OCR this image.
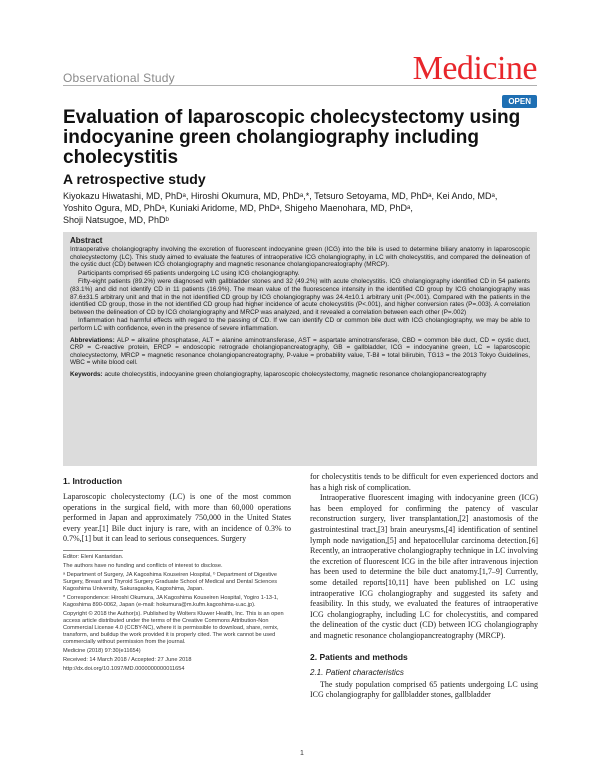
Observational Study	Medicine
OPEN
Evaluation of laparoscopic cholecystectomy using indocyanine green cholangiography including cholecystitis
A retrospective study
Kiyokazu Hiwatashi, MD, PhDᵃ, Hiroshi Okumura, MD, PhDᵃ,*, Tetsuro Setoyama, MD, PhDᵃ, Kei Ando, MDᵃ,
Yoshito Ogura, MD, PhDᵃ, Kuniaki Aridome, MD, PhDᵃ, Shigeho Maenohara, MD, PhDᵃ,
Shoji Natsugoe, MD, PhDᵇ
Abstract

Intraoperative cholangiography involving the excretion of fluorescent indocyanine green (ICG) into the bile is used to determine biliary anatomy in laparoscopic cholecystectomy (LC). This study aimed to evaluate the features of intraoperative ICG cholangiography, in LC with cholecystitis, and compared the delineation of the cystic duct (CD) between ICG cholangiography and magnetic resonance cholangiopancreatography (MRCP).

Participants comprised 65 patients undergoing LC using ICG cholangiography.

Fifty-eight patients (89.2%) were diagnosed with gallbladder stones and 32 (49.2%) with acute cholecystitis. ICG cholangiography identified CD in 54 patients (83.1%) and did not identify CD in 11 patients (16.9%). The mean value of the fluorescence intensity in the identified CD group by ICG cholangiography was 87.6±31.5 arbitrary unit and that in the not identified CD group by ICG cholangiography was 24.4±10.1 arbitrary unit (P<.001). Compared with the patients in the identified CD group, those in the not identified CD group had higher incidence of acute cholecystitis (P<.001), and higher conversion rates (P=.003). A correlation between the delineation of CD by ICG cholangiography and MRCP was analyzed, and it revealed a correlation between each other (P=.002)

Inflammation had harmful effects with regard to the passing of CD. If we can identify CD or common bile duct with ICG cholangiography, we may be able to perform LC with confidence, even in the presence of severe inflammation.

Abbreviations: ALP = alkaline phosphatase, ALT = alanine aminotransferase, AST = aspartate aminotransferase, CBD = common bile duct, CD = cystic duct, CRP = C-reactive protein, ERCP = endoscopic retrograde cholangiopancreatography, GB = gallbladder, ICG = indocyanine green, LC = laparoscopic cholecystectomy, MRCP = magnetic resonance cholangiopancreatography, P-value = probability value, T-Bil = total bilirubin, TG13 = the 2013 Tokyo Guidelines, WBC = white blood cell.

Keywords: acute cholecystitis, indocyanine green cholangiography, laparoscopic cholecystectomy, magnetic resonance cholangiopancreatography

1. Introduction

Laparoscopic cholecystectomy (LC) is one of the most common operations in the surgical field, with more than 60,000 operations performed in Japan and approximately 750,000 in the United States every year.[1] Bile duct injury is rare, with an incidence of 0.3% to 0.7%,[1] but it can lead to serious consequences. Surgery

Editor: Eleni Kantaridan.

The authors have no funding and conflicts of interest to disclose.

ᵃ Department of Surgery, JA Kagoshima Kouseiren Hospital, ᵇ Department of Digestive Surgery, Breast and Thyroid Surgery Graduate School of Medical and Dental Sciences Kagoshima University, Sakuragaoka, Kagoshima, Japan.

* Correspondence: Hiroshi Okumura, JA Kagoshima Kouseiren Hospital, Yogiro 1-13-1, Kagoshima 890-0062, Japan (e-mail: hokumura@m.kufm.kagoshima-u.ac.jp).

Copyright © 2018 the Author(s). Published by Wolters Kluwer Health, Inc. This is an open access article distributed under the terms of the Creative Commons Attribution-Non Commercial License 4.0 (CCBY-NC), where it is permissible to download, share, remix, transform, and buildup the work provided it is properly cited. The work cannot be used commercially without permission from the journal.

Medicine (2018) 97:30(e11654)

Received: 14 March 2018 / Accepted: 27 June 2018

http://dx.doi.org/10.1097/MD.0000000000011654

for cholecystitis tends to be difficult for even experienced doctors and has a high risk of complication.

Intraoperative fluorescent imaging with indocyanine green (ICG) has been employed for confirming the patency of vascular reconstruction surgery, liver transplantation,[2] anastomosis of the gastrointestinal tract,[3] brain aneurysms,[4] identification of sentinel lymph node navigation,[5] and hepatocellular carcinoma detection.[6] Recently, an intraoperative cholangiography technique in LC involving the excretion of fluorescent ICG in the bile after intravenous injection has been used to determine the bile duct anatomy.[1,7–9] Currently, some detailed reports[10,11] have been published on LC using intraoperative ICG cholangiography and suggested its safety and feasibility. In this study, we evaluated the features of intraoperative ICG cholangiography, including LC for cholecystitis, and compared the delineation of the cystic duct (CD) between ICG cholangiography and magnetic resonance cholangiopancreatography (MRCP).

2. Patients and methods
2.1. Patient characteristics

The study population comprised 65 patients undergoing LC using ICG cholangiography for gallbladder stones, gallbladder

1
